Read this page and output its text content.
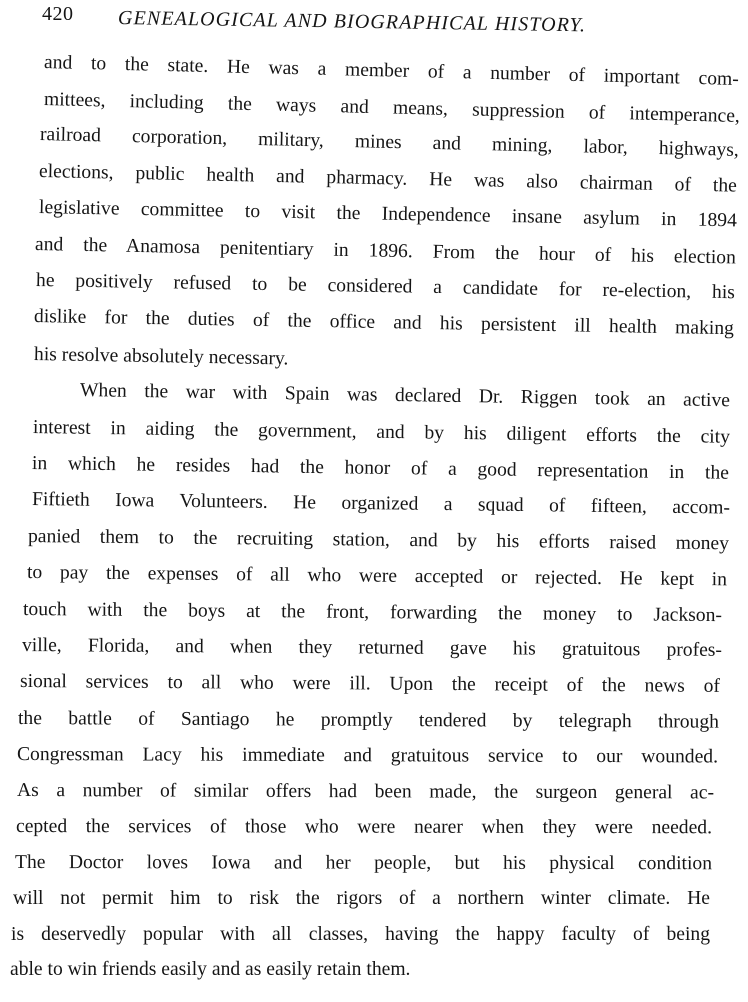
420 GENEALOGICAL AND BIOGRAPHICAL HISTORY.
and to the state. He was a member of a number of important com-
mittees, including the ways and means, suppression of intemperance,
railroad corporation, military, mines and mining, labor, highways,
elections, public health and pharmacy. He was also chairman of the
legislative committee to visit the Independence insane asylum in 1894
and the Anamosa penitentiary in 1896. From the hour of his election
he positively refused to be considered a candidate for re-election, his
dislike for the duties of the office and his persistent ill health making
his resolve absolutely necessary.
When the war with Spain was declared Dr. Riggen took an active
interest in aiding the government, and by his diligent efforts the city
in which he resides had the honor of a good representation in the
Fiftieth Iowa Volunteers. He organized a squad of fifteen, accom-
panied them to the recruiting station, and by his efforts raised money
to pay the expenses of all who were accepted or rejected. He kept in
touch with the boys at the front, forwarding the money to Jackson-
ville, Florida, and when they returned gave his gratuitous profes-
sional services to all who were ill. Upon the receipt of the news of
the battle of Santiago he promptly tendered by telegraph through
Congressman Lacy his immediate and gratuitous service to our wounded.
As a number of similar offers had been made, the surgeon general ac-
cepted the services of those who were nearer when they were needed.
The Doctor loves Iowa and her people, but his physical condition
will not permit him to risk the rigors of a northern winter climate. He
is deservedly popular with all classes, having the happy faculty of being
able to win friends easily and as easily retain them.
